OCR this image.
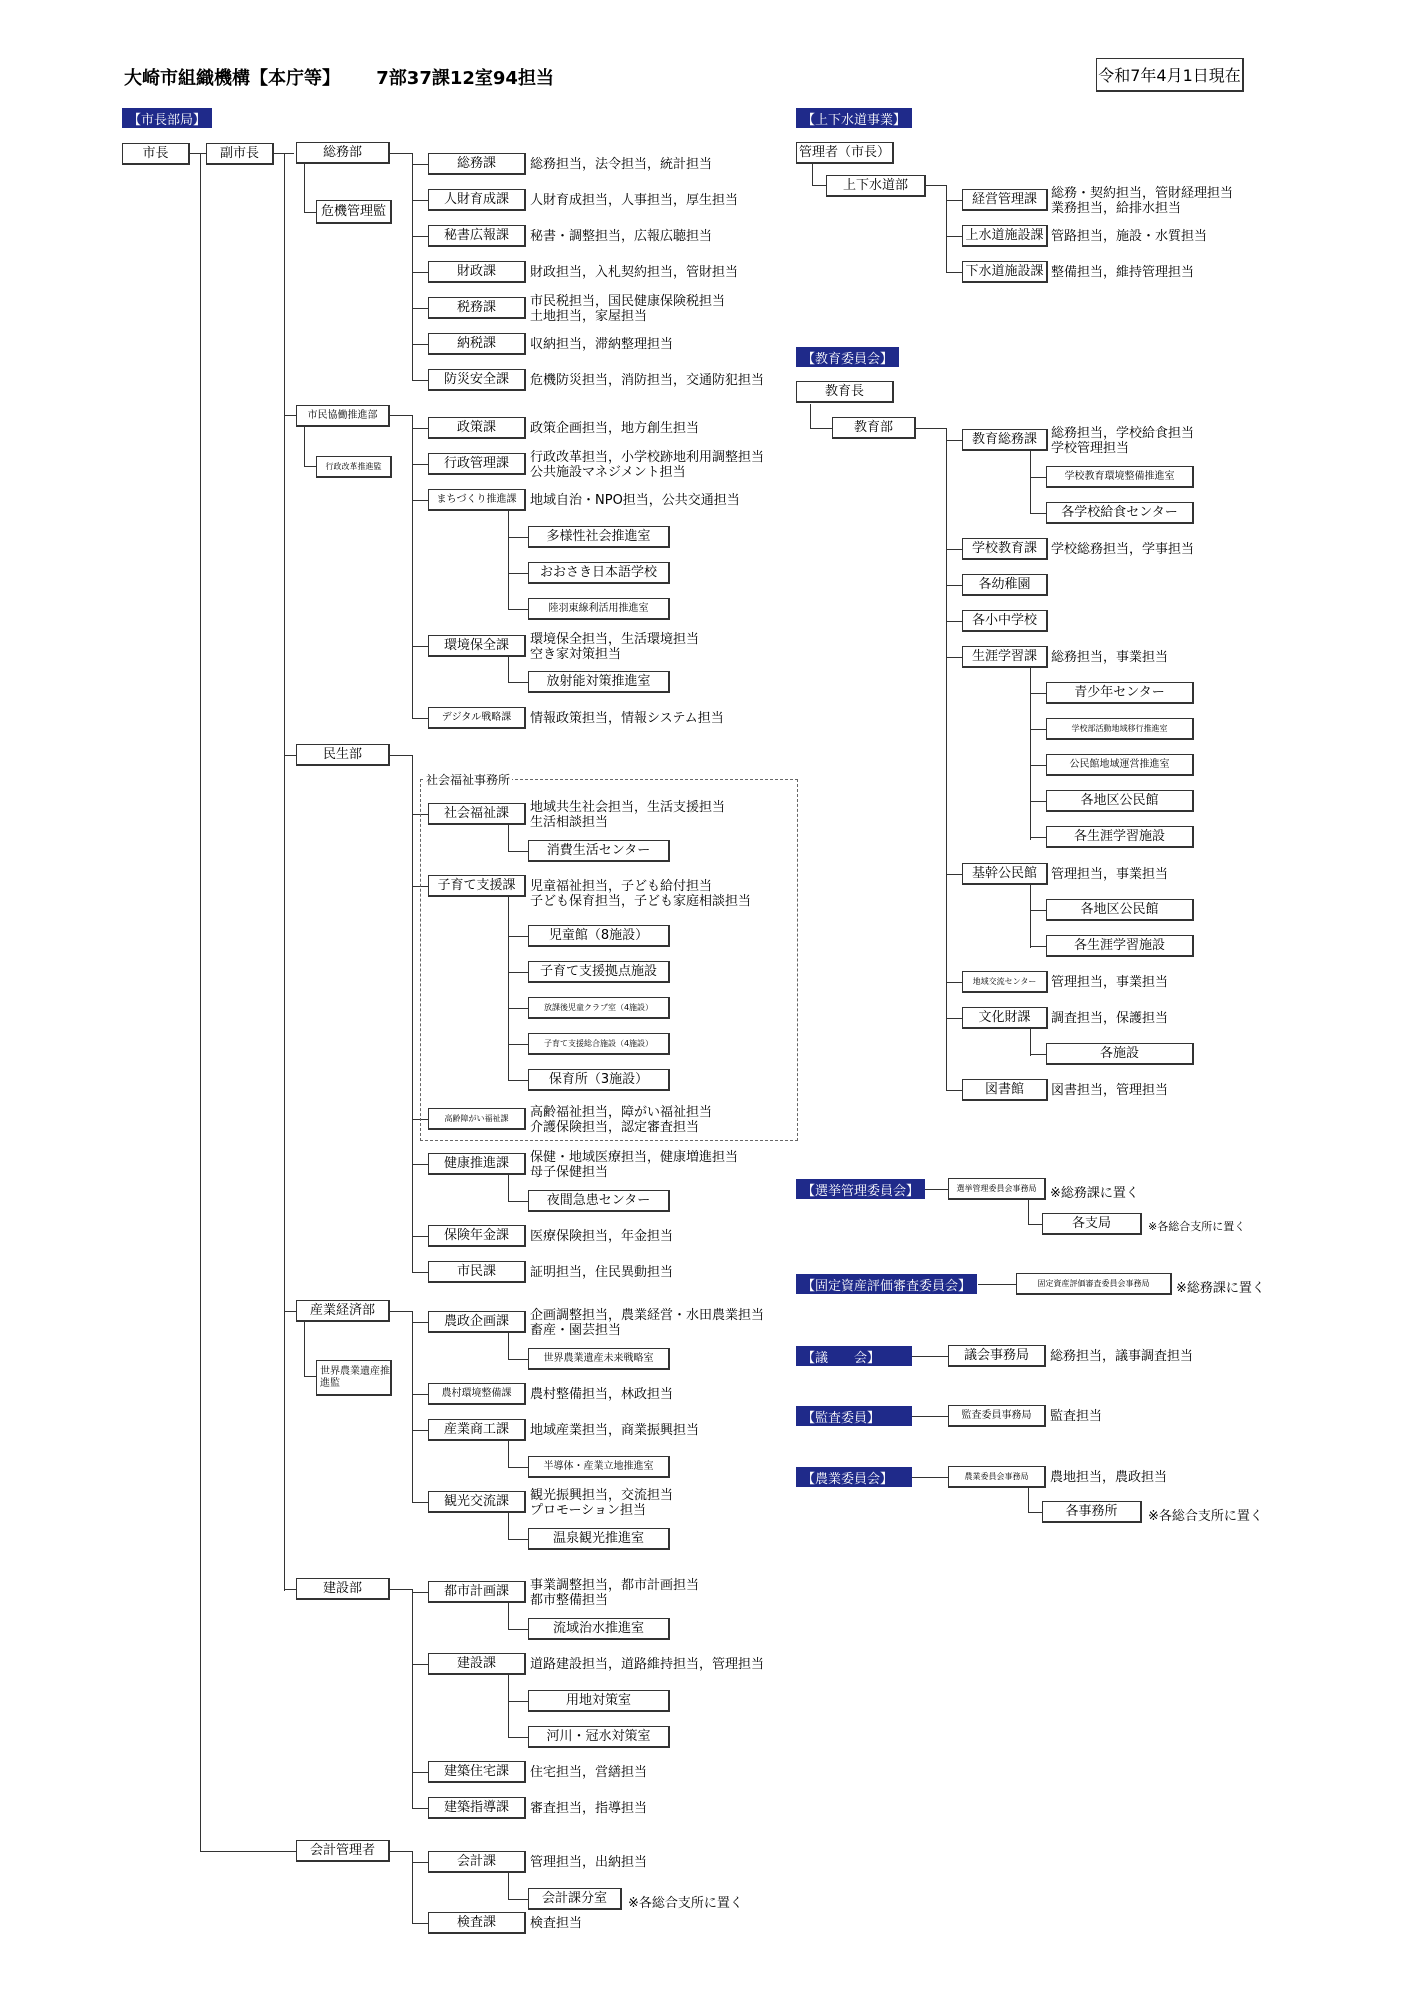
大崎市組織機構【本庁等】 7部37課12室94担当	令和7年4月1日現在
【市長部局】
市長	副市長	総務部
危機管理監
市民協働推進部
行政改革推進監
民生部
産業経済部
世界農業遺産推進監
建設部
会計管理者
総務課	総務担当，法令担当，統計担当
人財育成課	人財育成担当，人事担当，厚生担当
秘書広報課	秘書・調整担当，広報広聴担当
財政課	財政担当，入札契約担当，管財担当
税務課	市民税担当，国民健康保険税担当
土地担当，家屋担当
納税課	収納担当，滞納整理担当
防災安全課	危機防災担当，消防担当，交通防犯担当
政策課	政策企画担当，地方創生担当
行政管理課	行政改革担当，小学校跡地利用調整担当
公共施設マネジメント担当
まちづくり推進課	地域自治・NPO担当，公共交通担当
多様性社会推進室
おおさき日本語学校
陸羽東線利活用推進室
環境保全課	環境保全担当，生活環境担当
空き家対策担当
放射能対策推進室
デジタル戦略課	情報政策担当，情報システム担当
社会福祉事務所
社会福祉課	地域共生社会担当，生活支援担当
生活相談担当
消費生活センター
子育て支援課	児童福祉担当，子ども給付担当
子ども保育担当，子ども家庭相談担当
児童館（8施設）
子育て支援拠点施設
放課後児童クラブ室（4施設）
子育て支援総合施設（4施設）
保育所（3施設）
高齢障がい福祉課	高齢福祉担当，障がい福祉担当
介護保険担当，認定審査担当
健康推進課	保健・地域医療担当，健康増進担当
母子保健担当
夜間急患センター
保険年金課	医療保険担当，年金担当
市民課	証明担当，住民異動担当
農政企画課	企画調整担当，農業経営・水田農業担当
畜産・園芸担当
世界農業遺産未来戦略室
農村環境整備課	農村整備担当，林政担当
産業商工課	地域産業担当，商業振興担当
半導体・産業立地推進室
観光交流課	観光振興担当，交流担当
プロモーション担当
温泉観光推進室
都市計画課	事業調整担当，都市計画担当
都市整備担当
流域治水推進室
建設課	道路建設担当，道路維持担当，管理担当
用地対策室
河川・冠水対策室
建築住宅課	住宅担当，営繕担当
建築指導課	審査担当，指導担当
会計課	管理担当，出納担当
会計課分室	※各総合支所に置く
検査課	検査担当
【上下水道事業】
管理者（市長）
上下水道部
経営管理課	総務・契約担当，管財経理担当
業務担当，給排水担当
上水道施設課 管路担当，施設・水質担当
下水道施設課 整備担当，維持管理担当
【教育委員会】
教育長
教育部
教育総務課	総務担当，学校給食担当
学校管理担当
学校教育環境整備推進室
各学校給食センター
学校教育課	学校総務担当，学事担当
各幼稚園
各小中学校
生涯学習課	総務担当，事業担当
青少年センター
学校部活動地域移行推進室
公民館地域運営推進室
各地区公民館
各生涯学習施設
基幹公民館	管理担当，事業担当
各地区公民館
各生涯学習施設
地域交流センター	管理担当，事業担当
文化財課	調査担当，保護担当
各施設
図書館	図書担当，管理担当
【選挙管理委員会】	選挙管理委員会事務局	※総務課に置く
各支局	※各総合支所に置く
【固定資産評価審査委員会】	固定資産評価審査委員会事務局	※総務課に置く
【議　　会】	議会事務局	総務担当，議事調査担当
【監査委員】	監査委員事務局	監査担当
【農業委員会】	農業委員会事務局	農地担当，農政担当
各事務所	※各総合支所に置く
